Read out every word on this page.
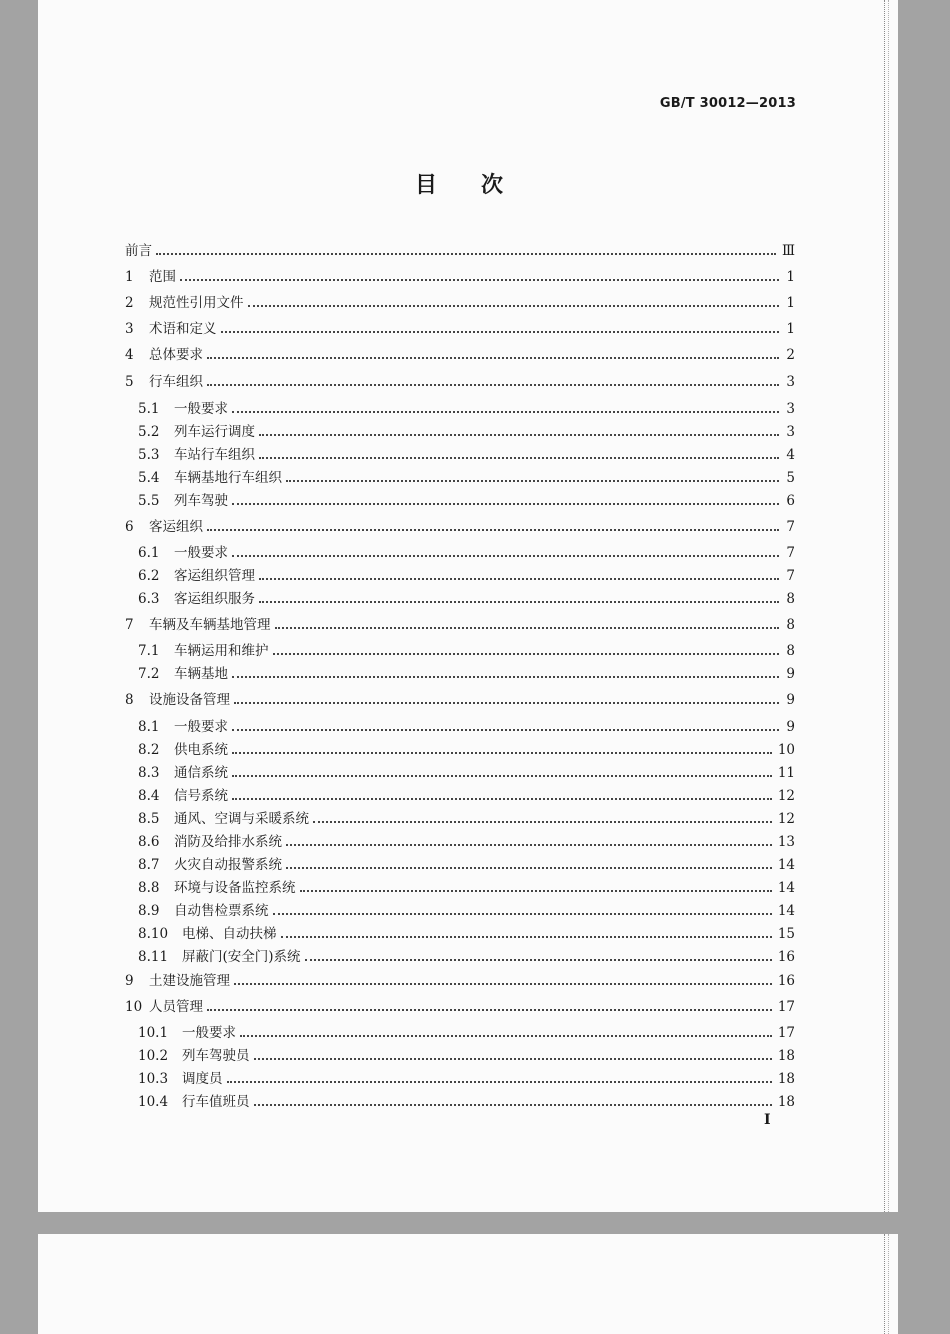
GB/T 30012—2013
目 次
前言	Ⅲ
1	范围	1
2	规范性引用文件	1
3	术语和定义	1
4	总体要求	2
5	行车组织	3
5.1	一般要求	3
5.2	列车运行调度	3
5.3	车站行车组织	4
5.4	车辆基地行车组织	5
5.5	列车驾驶	6
6	客运组织	7
6.1	一般要求	7
6.2	客运组织管理	7
6.3	客运组织服务	8
7	车辆及车辆基地管理	8
7.1	车辆运用和维护	8
7.2	车辆基地	9
8	设施设备管理	9
8.1	一般要求	9
8.2	供电系统	10
8.3	通信系统	11
8.4	信号系统	12
8.5	通风、空调与采暖系统	12
8.6	消防及给排水系统	13
8.7	火灾自动报警系统	14
8.8	环境与设备监控系统	14
8.9	自动售检票系统	14
8.10	电梯、自动扶梯	15
8.11	屏蔽门(安全门)系统	16
9	土建设施管理	16
10 人员管理	17
10.1	一般要求	17
10.2	列车驾驶员	18
10.3	调度员	18
10.4	行车值班员	18
I
